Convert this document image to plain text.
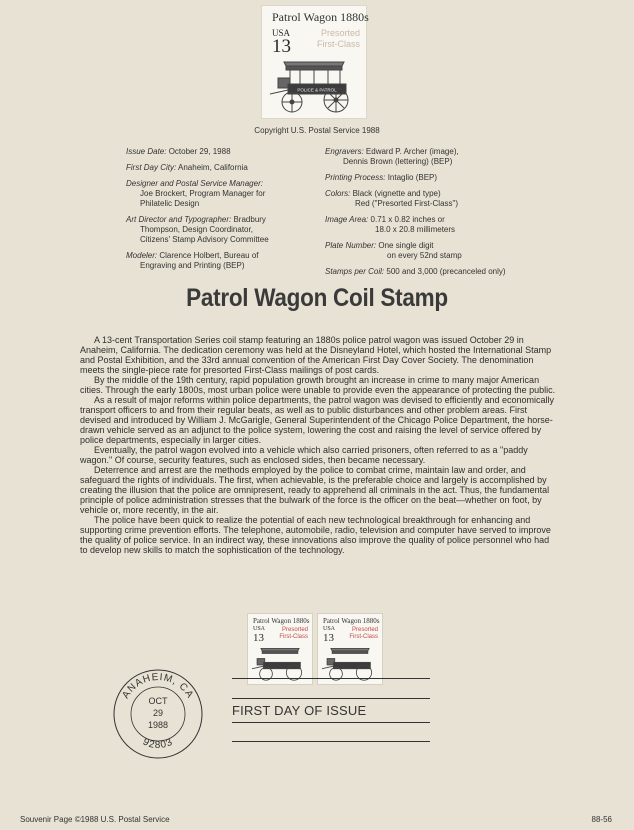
Patrol Wagon 1880s
USA
13
Presorted
First-Class
POLICE & PATROL
Copyright U.S. Postal Service 1988

Issue Date: October 29, 1988

First Day City: Anaheim, California

Designer and Postal Service Manager:

Joe Brockert, Program Manager for

Philatelic Design

Art Director and Typographer: Bradbury

Thompson, Design Coordinator,

Citizens' Stamp Advisory Committee

Modeler: Clarence Holbert, Bureau of

Engraving and Printing (BEP)

Engravers: Edward P. Archer (image),

Dennis Brown (lettering) (BEP)

Printing Process: Intaglio (BEP)

Colors: Black (vignette and type)

Red ("Presorted First-Class")

Image Area: 0.71 x 0.82 inches or

18.0 x 20.8 millimeters

Plate Number: One single digit

on every 52nd stamp

Stamps per Coil: 500 and 3,000 (precanceled only)

Patrol Wagon Coil Stamp

A 13-cent Transportation Series coil stamp featuring an 1880s police patrol wagon was issued October 29 in Anaheim, California. The dedication ceremony was held at the Disneyland Hotel, which hosted the International Stamp and Postal Exhibition, and the 33rd annual convention of the American First Day Cover Society. The denomination meets the single-piece rate for presorted First-Class mailings of post cards.

By the middle of the 19th century, rapid population growth brought an increase in crime to many major American cities. Through the early 1800s, most urban police were unable to provide even the appearance of protecting the public.

As a result of major reforms within police departments, the patrol wagon was devised to efficiently and economically transport officers to and from their regular beats, as well as to public disturbances and other problem areas. First devised and introduced by William J. McGarigle, General Superintendent of the Chicago Police Department, the horse-drawn vehicle served as an adjunct to the police system, lowering the cost and raising the level of service offered by police departments, especially in larger cities.

Eventually, the patrol wagon evolved into a vehicle which also carried prisoners, often referred to as a "paddy wagon." Of course, security features, such as enclosed sides, then became necessary.

Deterrence and arrest are the methods employed by the police to combat crime, maintain law and order, and safeguard the rights of individuals. The first, when achievable, is the preferable choice and largely is accomplished by creating the illusion that the police are omnipresent, ready to apprehend all criminals in the act. Thus, the fundamental principle of police administration stresses that the bulwark of the force is the officer on the beat—whether on foot, by vehicle or, more recently, in the air.

The police have been quick to realize the potential of each new technological breakthrough for enhancing and supporting crime prevention efforts. The telephone, automobile, radio, television and computer have served to improve the quality of police service. In an indirect way, these innovations also improve the quality of police personnel who had to develop new skills to match the sophistication of the technology.

Patrol Wagon 1880s
USA
13
Presorted
First-Class
Patrol Wagon 1880s
USA
13
Presorted
First-Class
FIRST DAY OF ISSUE
ANAHEIM, CA
92803
OCT
29
1988
Souvenir Page ©1988 U.S. Postal Service	88-56
